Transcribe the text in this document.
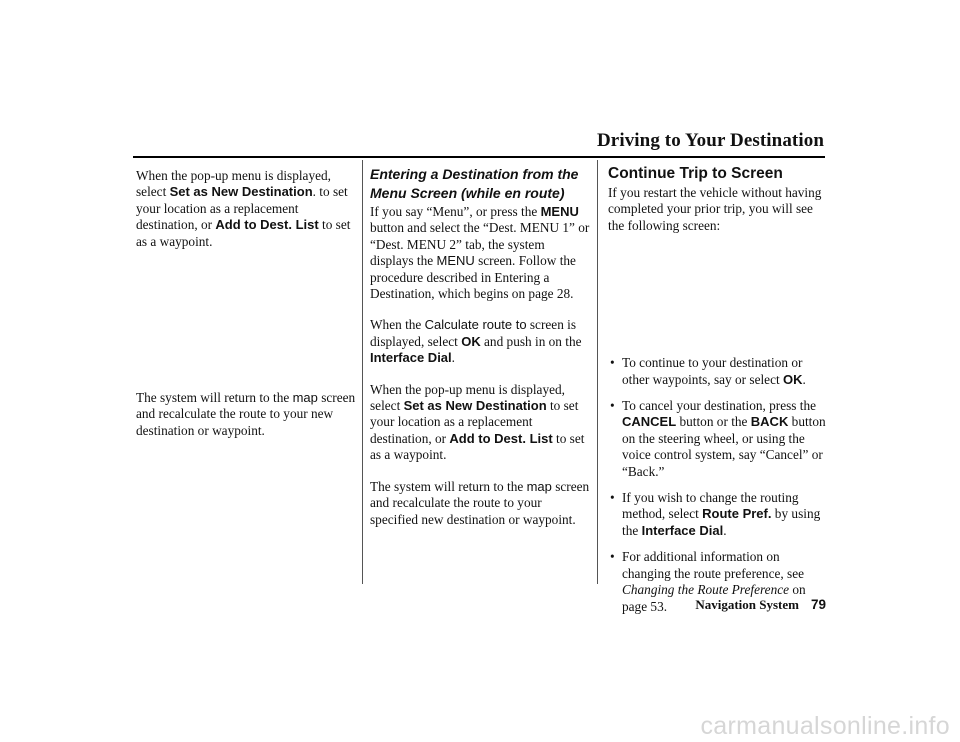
Driving to Your Destination

When the pop-up menu is displayed, select Set as New Destination. to set your location as a replacement destination, or Add to Dest. List to set as a waypoint.

The system will return to the map screen and recalculate the route to your new destination or waypoint.

Entering a Destination from the Menu Screen (while en route)

If you say “Menu”, or press the MENU button and select the “Dest. MENU 1” or “Dest. MENU 2” tab, the system displays the MENU screen. Follow the procedure described in Entering a Destination, which begins on page 28.

When the Calculate route to screen is displayed, select OK and push in on the Interface Dial.

When the pop-up menu is displayed, select Set as New Destination to set your location as a replacement destination, or Add to Dest. List to set as a waypoint.

The system will return to the map screen and recalculate the route to your specified new destination or waypoint.

Continue Trip to Screen

If you restart the vehicle without having completed your prior trip, you will see the following screen:

• To continue to your destination or other waypoints, say or select OK.
• To cancel your destination, press the CANCEL button or the BACK button on the steering wheel, or using the voice control system, say “Cancel” or “Back.”
• If you wish to change the routing method, select Route Pref. by using the Interface Dial.
• For additional information on changing the route preference, see Changing the Route Preference on page 53.	Navigation System 79
carmanualsonline.info
